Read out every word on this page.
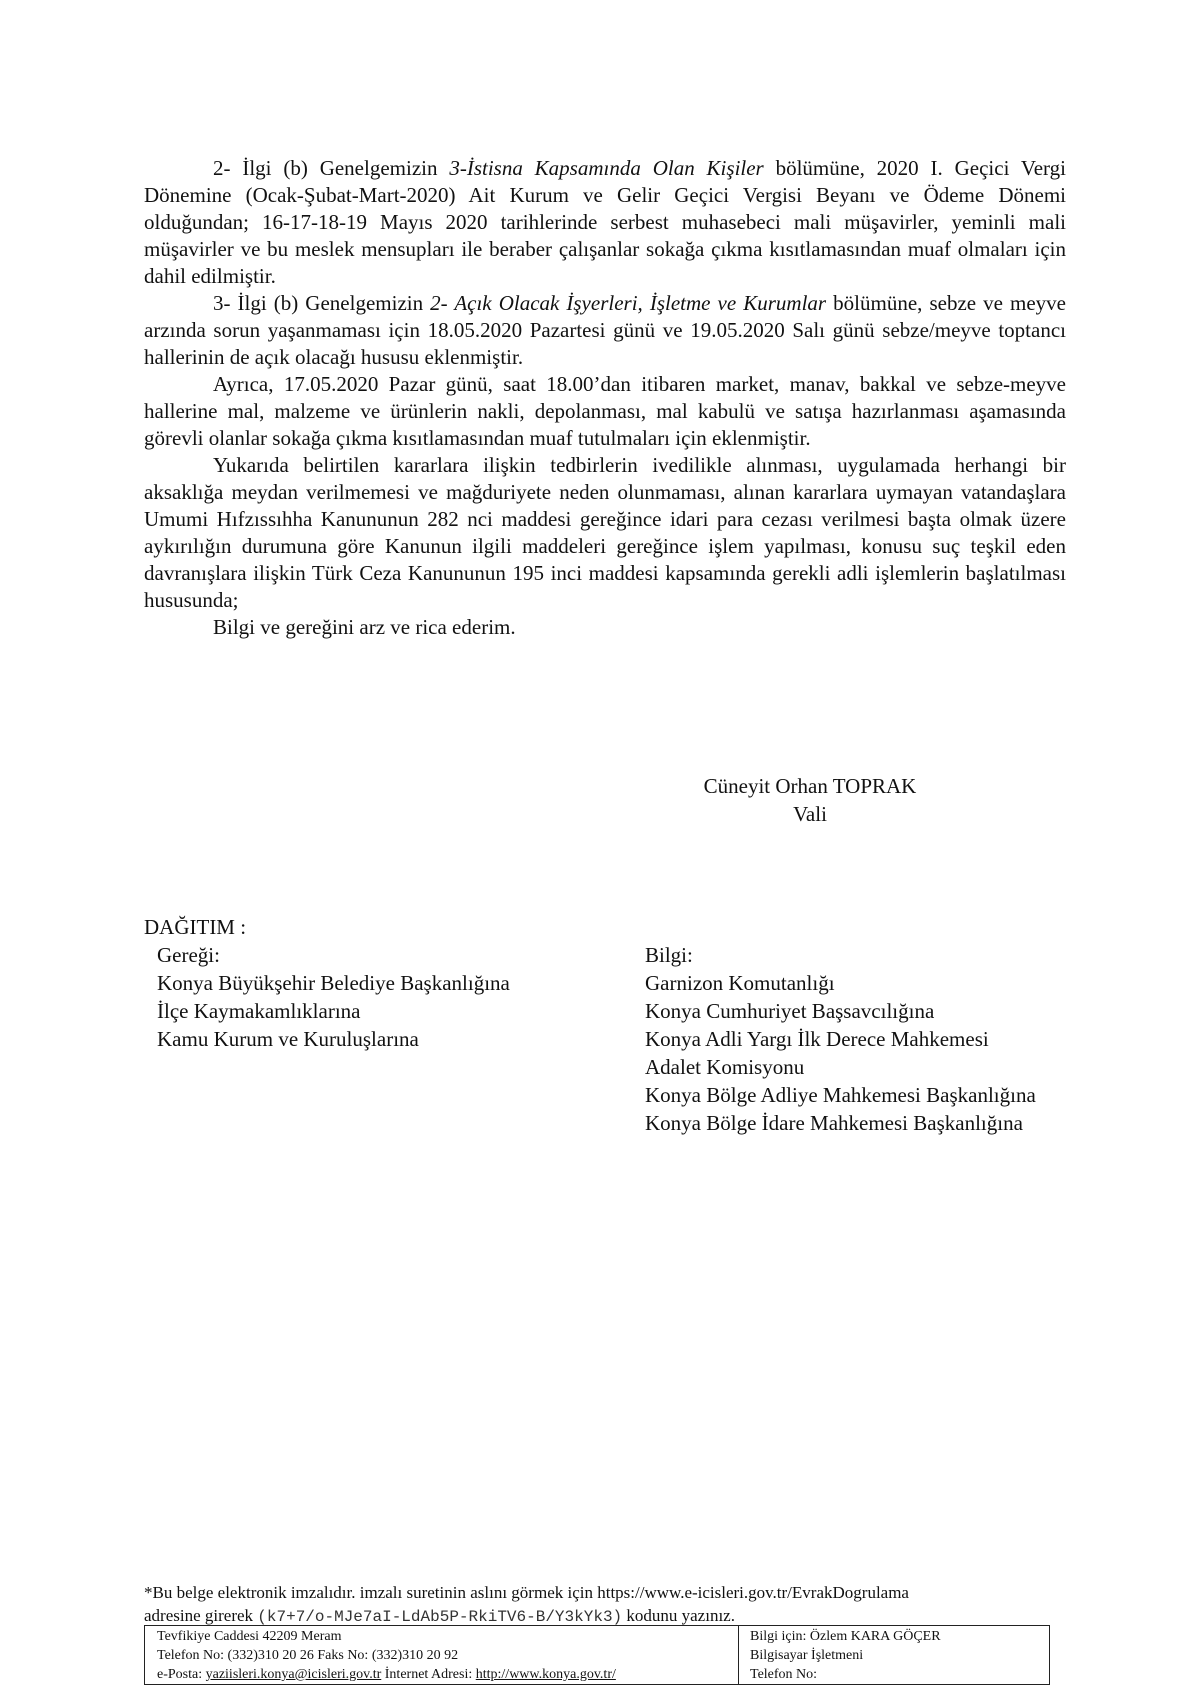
2- İlgi (b) Genelgemizin 3-İstisna Kapsamında Olan Kişiler bölümüne, 2020 I. Geçici Vergi Dönemine (Ocak-Şubat-Mart-2020) Ait Kurum ve Gelir Geçici Vergisi Beyanı ve Ödeme Dönemi olduğundan; 16-17-18-19 Mayıs 2020 tarihlerinde serbest muhasebeci mali müşavirler, yeminli mali müşavirler ve bu meslek mensupları ile beraber çalışanlar sokağa çıkma kısıtlamasından muaf olmaları için dahil edilmiştir.

3- İlgi (b) Genelgemizin 2- Açık Olacak İşyerleri, İşletme ve Kurumlar bölümüne, sebze ve meyve arzında sorun yaşanmaması için 18.05.2020 Pazartesi günü ve 19.05.2020 Salı günü sebze/meyve toptancı hallerinin de açık olacağı hususu eklenmiştir.

Ayrıca, 17.05.2020 Pazar günü, saat 18.00’dan itibaren market, manav, bakkal ve sebze-meyve hallerine mal, malzeme ve ürünlerin nakli, depolanması, mal kabulü ve satışa hazırlanması aşamasında görevli olanlar sokağa çıkma kısıtlamasından muaf tutulmaları için eklenmiştir.

Yukarıda belirtilen kararlara ilişkin tedbirlerin ivedilikle alınması, uygulamada herhangi bir aksaklığa meydan verilmemesi ve mağduriyete neden olunmaması, alınan kararlara uymayan vatandaşlara Umumi Hıfzıssıhha Kanununun 282 nci maddesi gereğince idari para cezası verilmesi başta olmak üzere aykırılığın durumuna göre Kanunun ilgili maddeleri gereğince işlem yapılması, konusu suç teşkil eden davranışlara ilişkin Türk Ceza Kanununun 195 inci maddesi kapsamında gerekli adli işlemlerin başlatılması hususunda;

Bilgi ve gereğini arz ve rica ederim.

Cüneyit Orhan TOPRAK
Vali
DAĞITIM :
Gereği:
Konya Büyükşehir Belediye Başkanlığına
İlçe Kaymakamlıklarına
Kamu Kurum ve Kuruluşlarına
Bilgi:
Garnizon Komutanlığı
Konya Cumhuriyet Başsavcılığına
Konya Adli Yargı İlk Derece Mahkemesi
Adalet Komisyonu
Konya Bölge Adliye Mahkemesi Başkanlığına
Konya Bölge İdare Mahkemesi Başkanlığına
*Bu belge elektronik imzalıdır. imzalı suretinin aslını görmek için https://www.e-icisleri.gov.tr/EvrakDogrulama
adresine girerek (k7+7/o-MJe7aI-LdAb5P-RkiTV6-B/Y3kYk3) kodunu yazınız.
Tevfikiye Caddesi 42209 Meram
Telefon No: (332)310 20 26 Faks No: (332)310 20 92
e-Posta: yaziisleri.konya@icisleri.gov.tr İnternet Adresi: http://www.konya.gov.tr/
Bilgi için: Özlem KARA GÖÇER
Bilgisayar İşletmeni
Telefon No:
